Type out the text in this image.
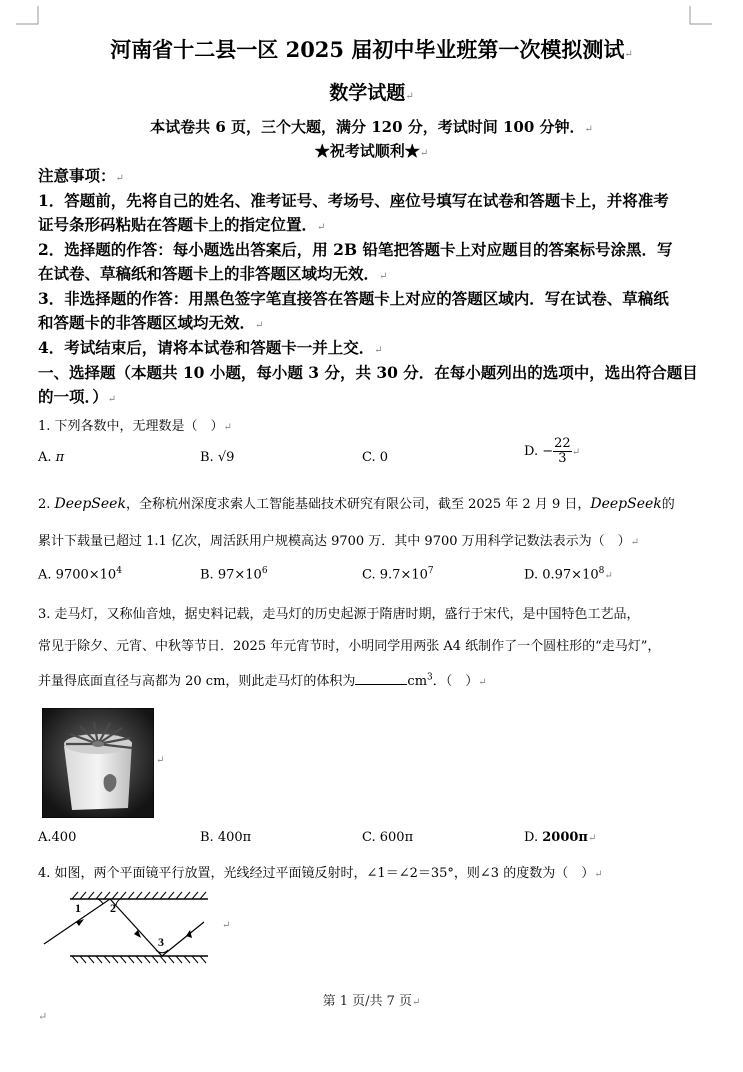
河南省十二县一区 2025 届初中毕业班第一次模拟测试↵
数学试题↵
本试卷共 6 页，三个大题，满分 120 分，考试时间 100 分钟．↵
★祝考试顺利★↵
注意事项：↵
1．答题前，先将自己的姓名、准考证号、考场号、座位号填写在试卷和答题卡上，并将准考
证号条形码粘贴在答题卡上的指定位置．↵
2．选择题的作答：每小题选出答案后，用 2B 铅笔把答题卡上对应题目的答案标号涂黑．写
在试卷、草稿纸和答题卡上的非答题区域均无效．↵
3．非选择题的作答：用黑色签字笔直接答在答题卡上对应的答题区域内．写在试卷、草稿纸
和答题卡的非答题区域均无效．↵
4．考试结束后，请将本试卷和答题卡一并上交．↵
一、选择题（本题共 10 小题，每小题 3 分，共 30 分．在每小题列出的选项中，选出符合题目
的一项．）↵
1. 下列各数中，无理数是（　）↵
A. π	B. √9	C. 0	D. − $\frac{22}{3}$ ↵
2. DeepSeek，全称杭州深度求索人工智能基础技术研究有限公司，截至 2025 年 2 月 9 日，DeepSeek的
累计下载量已超过 1.1 亿次，周活跃用户规模高达 9700 万．其中 9700 万用科学记数法表示为（　）↵
A. $9700\times 10^4$	B. $97\times 10^6$	C. $9.7\times 10^7$	D. $0.97\times 10^8↵$
3. 走马灯，又称仙音烛，据史料记载，走马灯的历史起源于隋唐时期，盛行于宋代，是中国特色工艺品，
常见于除夕、元宵、中秋等节日．2025 年元宵节时，小明同学用两张 A4 纸制作了一个圆柱形的“走马灯”，
并量得底面直径与高都为 20 cm，则此走马灯的体积为	$cm^3$．（　）↵
↵
A.400	B. 400π	C. 600π	D. 2000π↵
4. 如图，两个平面镜平行放置，光线经过平面镜反射时，∠1＝∠2＝35°，则∠3 的度数为（　）↵
1 2
3
↵
第 1 页/共 7 页↵
↵
